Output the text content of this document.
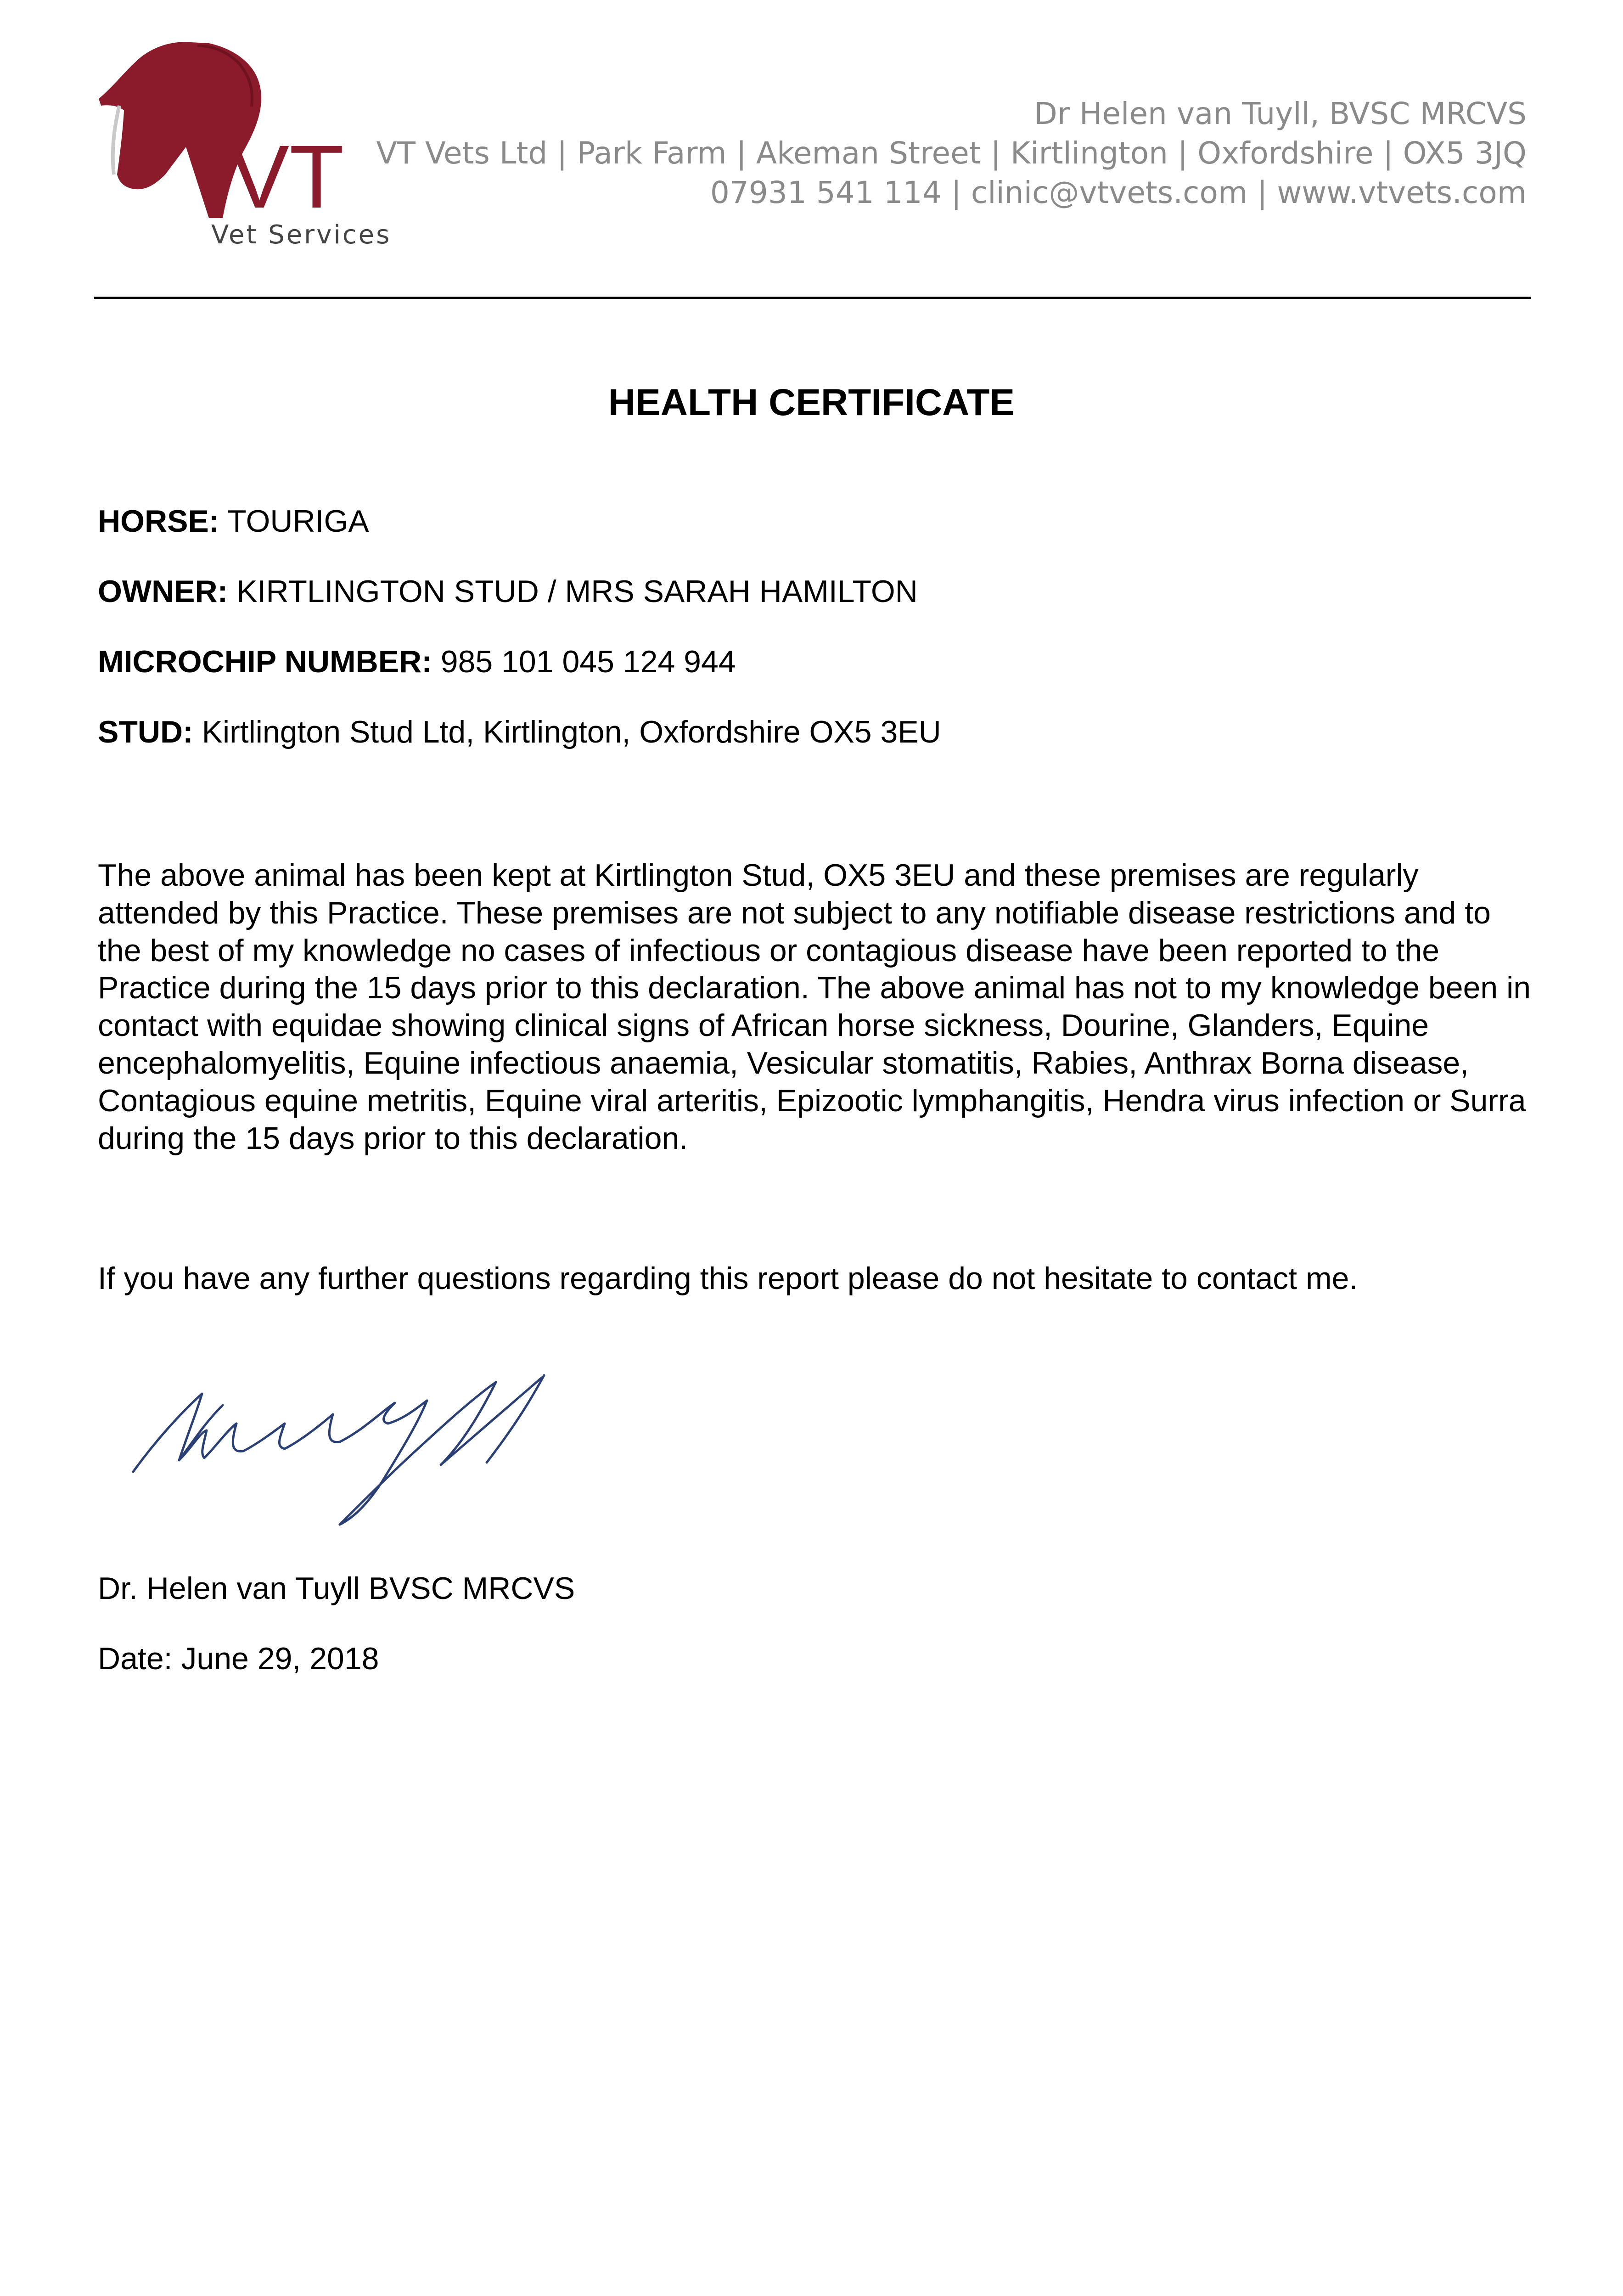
VT
Vet Services
Dr Helen van Tuyll, BVSC MRCVS
VT Vets Ltd | Park Farm | Akeman Street | Kirtlington | Oxfordshire | OX5 3JQ
07931 541 114 | clinic@vtvets.com | www.vtvets.com
HEALTH CERTIFICATE
HORSE: TOURIGA
OWNER: KIRTLINGTON STUD / MRS SARAH HAMILTON
MICROCHIP NUMBER: 985 101 045 124 944
STUD: Kirtlington Stud Ltd, Kirtlington, Oxfordshire OX5 3EU
The above animal has been kept at Kirtlington Stud, OX5 3EU and these premises are regularly attended by this Practice. These premises are not subject to any notifiable disease restrictions and to the best of my knowledge no cases of infectious or contagious disease have been reported to the Practice during the 15 days prior to this declaration. The above animal has not to my knowledge been in contact with equidae showing clinical signs of African horse sickness, Dourine, Glanders, Equine encephalomyelitis, Equine infectious anaemia, Vesicular stomatitis, Rabies, Anthrax Borna disease, Contagious equine metritis, Equine viral arteritis, Epizootic lymphangitis, Hendra virus infection or Surra during the 15 days prior to this declaration.
If you have any further questions regarding this report please do not hesitate to contact me.
Dr. Helen van Tuyll BVSC MRCVS
Date: June 29, 2018
